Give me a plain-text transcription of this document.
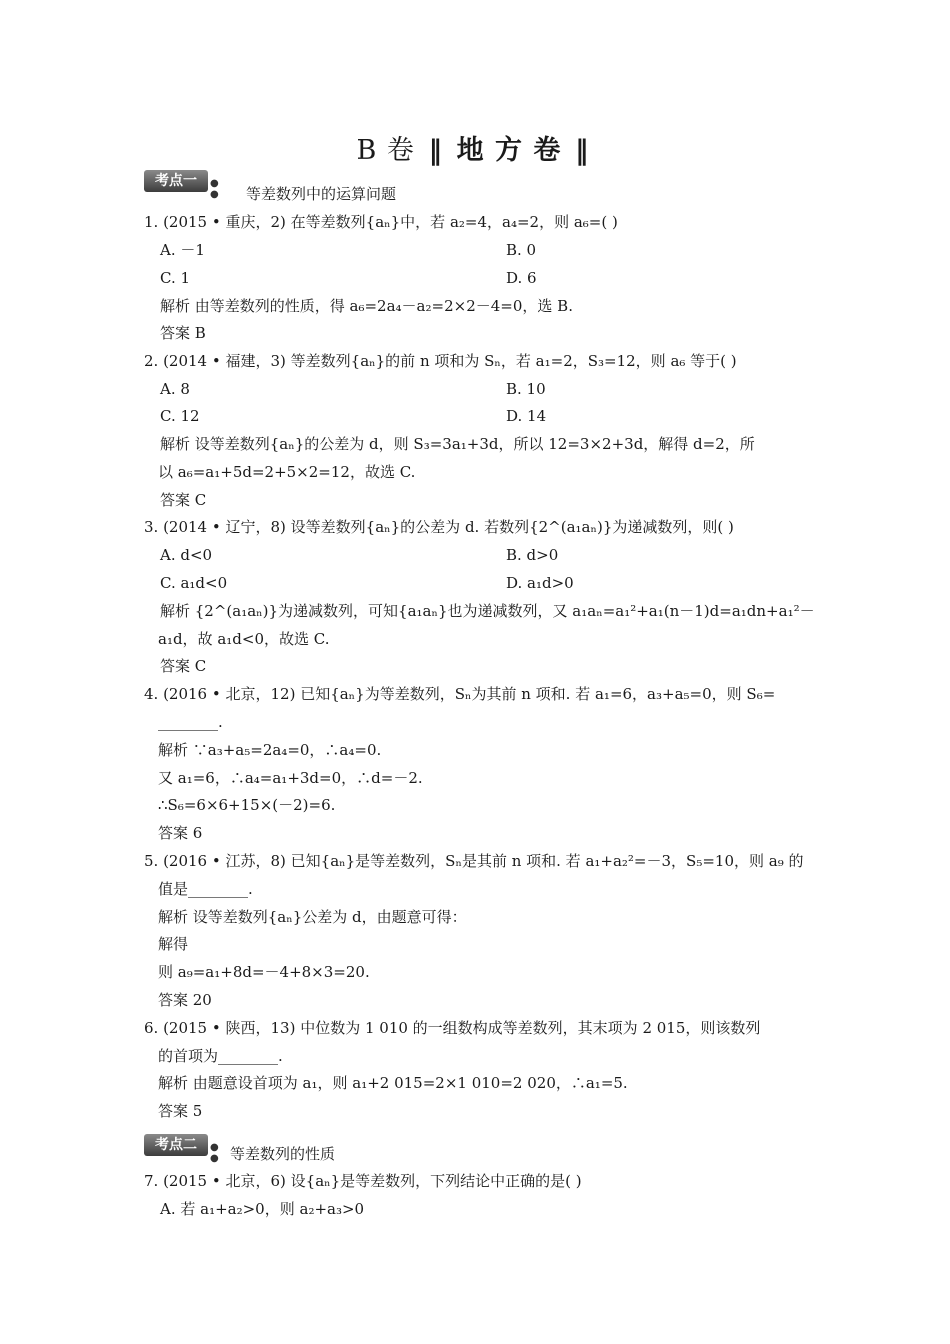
B 卷 ‖ 地 方 卷 ‖
考点一	● ●	等差数列中的运算问题
1. (2015 • 重庆，2) 在等差数列{aₙ}中，若 a₂=4，a₄=2，则 a₆=( )
A. －1	B. 0
C. 1	D. 6
解析 由等差数列的性质，得 a₆=2a₄－a₂=2×2－4=0，选 B.
答案 B
2. (2014 • 福建，3) 等差数列{aₙ}的前 n 项和为 Sₙ，若 a₁=2，S₃=12，则 a₆ 等于( )
A. 8	B. 10
C. 12	D. 14
解析 设等差数列{aₙ}的公差为 d，则 S₃=3a₁+3d，所以 12=3×2+3d，解得 d=2，所
以 a₆=a₁+5d=2+5×2=12，故选 C.
答案 C
3. (2014 • 辽宁，8) 设等差数列{aₙ}的公差为 d. 若数列{2^(a₁aₙ)}为递减数列，则( )
A. d<0	B. d>0
C. a₁d<0	D. a₁d>0
解析 {2^(a₁aₙ)}为递减数列，可知{a₁aₙ}也为递减数列，又 a₁aₙ=a₁²+a₁(n－1)d=a₁dn+a₁²－
a₁d，故 a₁d<0，故选 C.
答案 C
4. (2016 • 北京，12) 已知{aₙ}为等差数列，Sₙ为其前 n 项和. 若 a₁=6，a₃+a₅=0，则 S₆=
________.
解析 ∵a₃+a₅=2a₄=0，∴a₄=0.
又 a₁=6，∴a₄=a₁+3d=0，∴d=－2.
∴S₆=6×6+15×(－2)=6.
答案 6
5. (2016 • 江苏，8) 已知{aₙ}是等差数列，Sₙ是其前 n 项和. 若 a₁+a₂²=－3，S₅=10，则 a₉ 的
值是________.
解析 设等差数列{aₙ}公差为 d，由题意可得：
解得
则 a₉=a₁+8d=－4+8×3=20.
答案 20
6. (2015 • 陕西，13) 中位数为 1 010 的一组数构成等差数列，其末项为 2 015，则该数列
的首项为________.
解析 由题意设首项为 a₁，则 a₁+2 015=2×1 010=2 020，∴a₁=5.
答案 5
考点二	● ● 等差数列的性质
7. (2015 • 北京，6) 设{aₙ}是等差数列，下列结论中正确的是( )
A. 若 a₁+a₂>0，则 a₂+a₃>0
